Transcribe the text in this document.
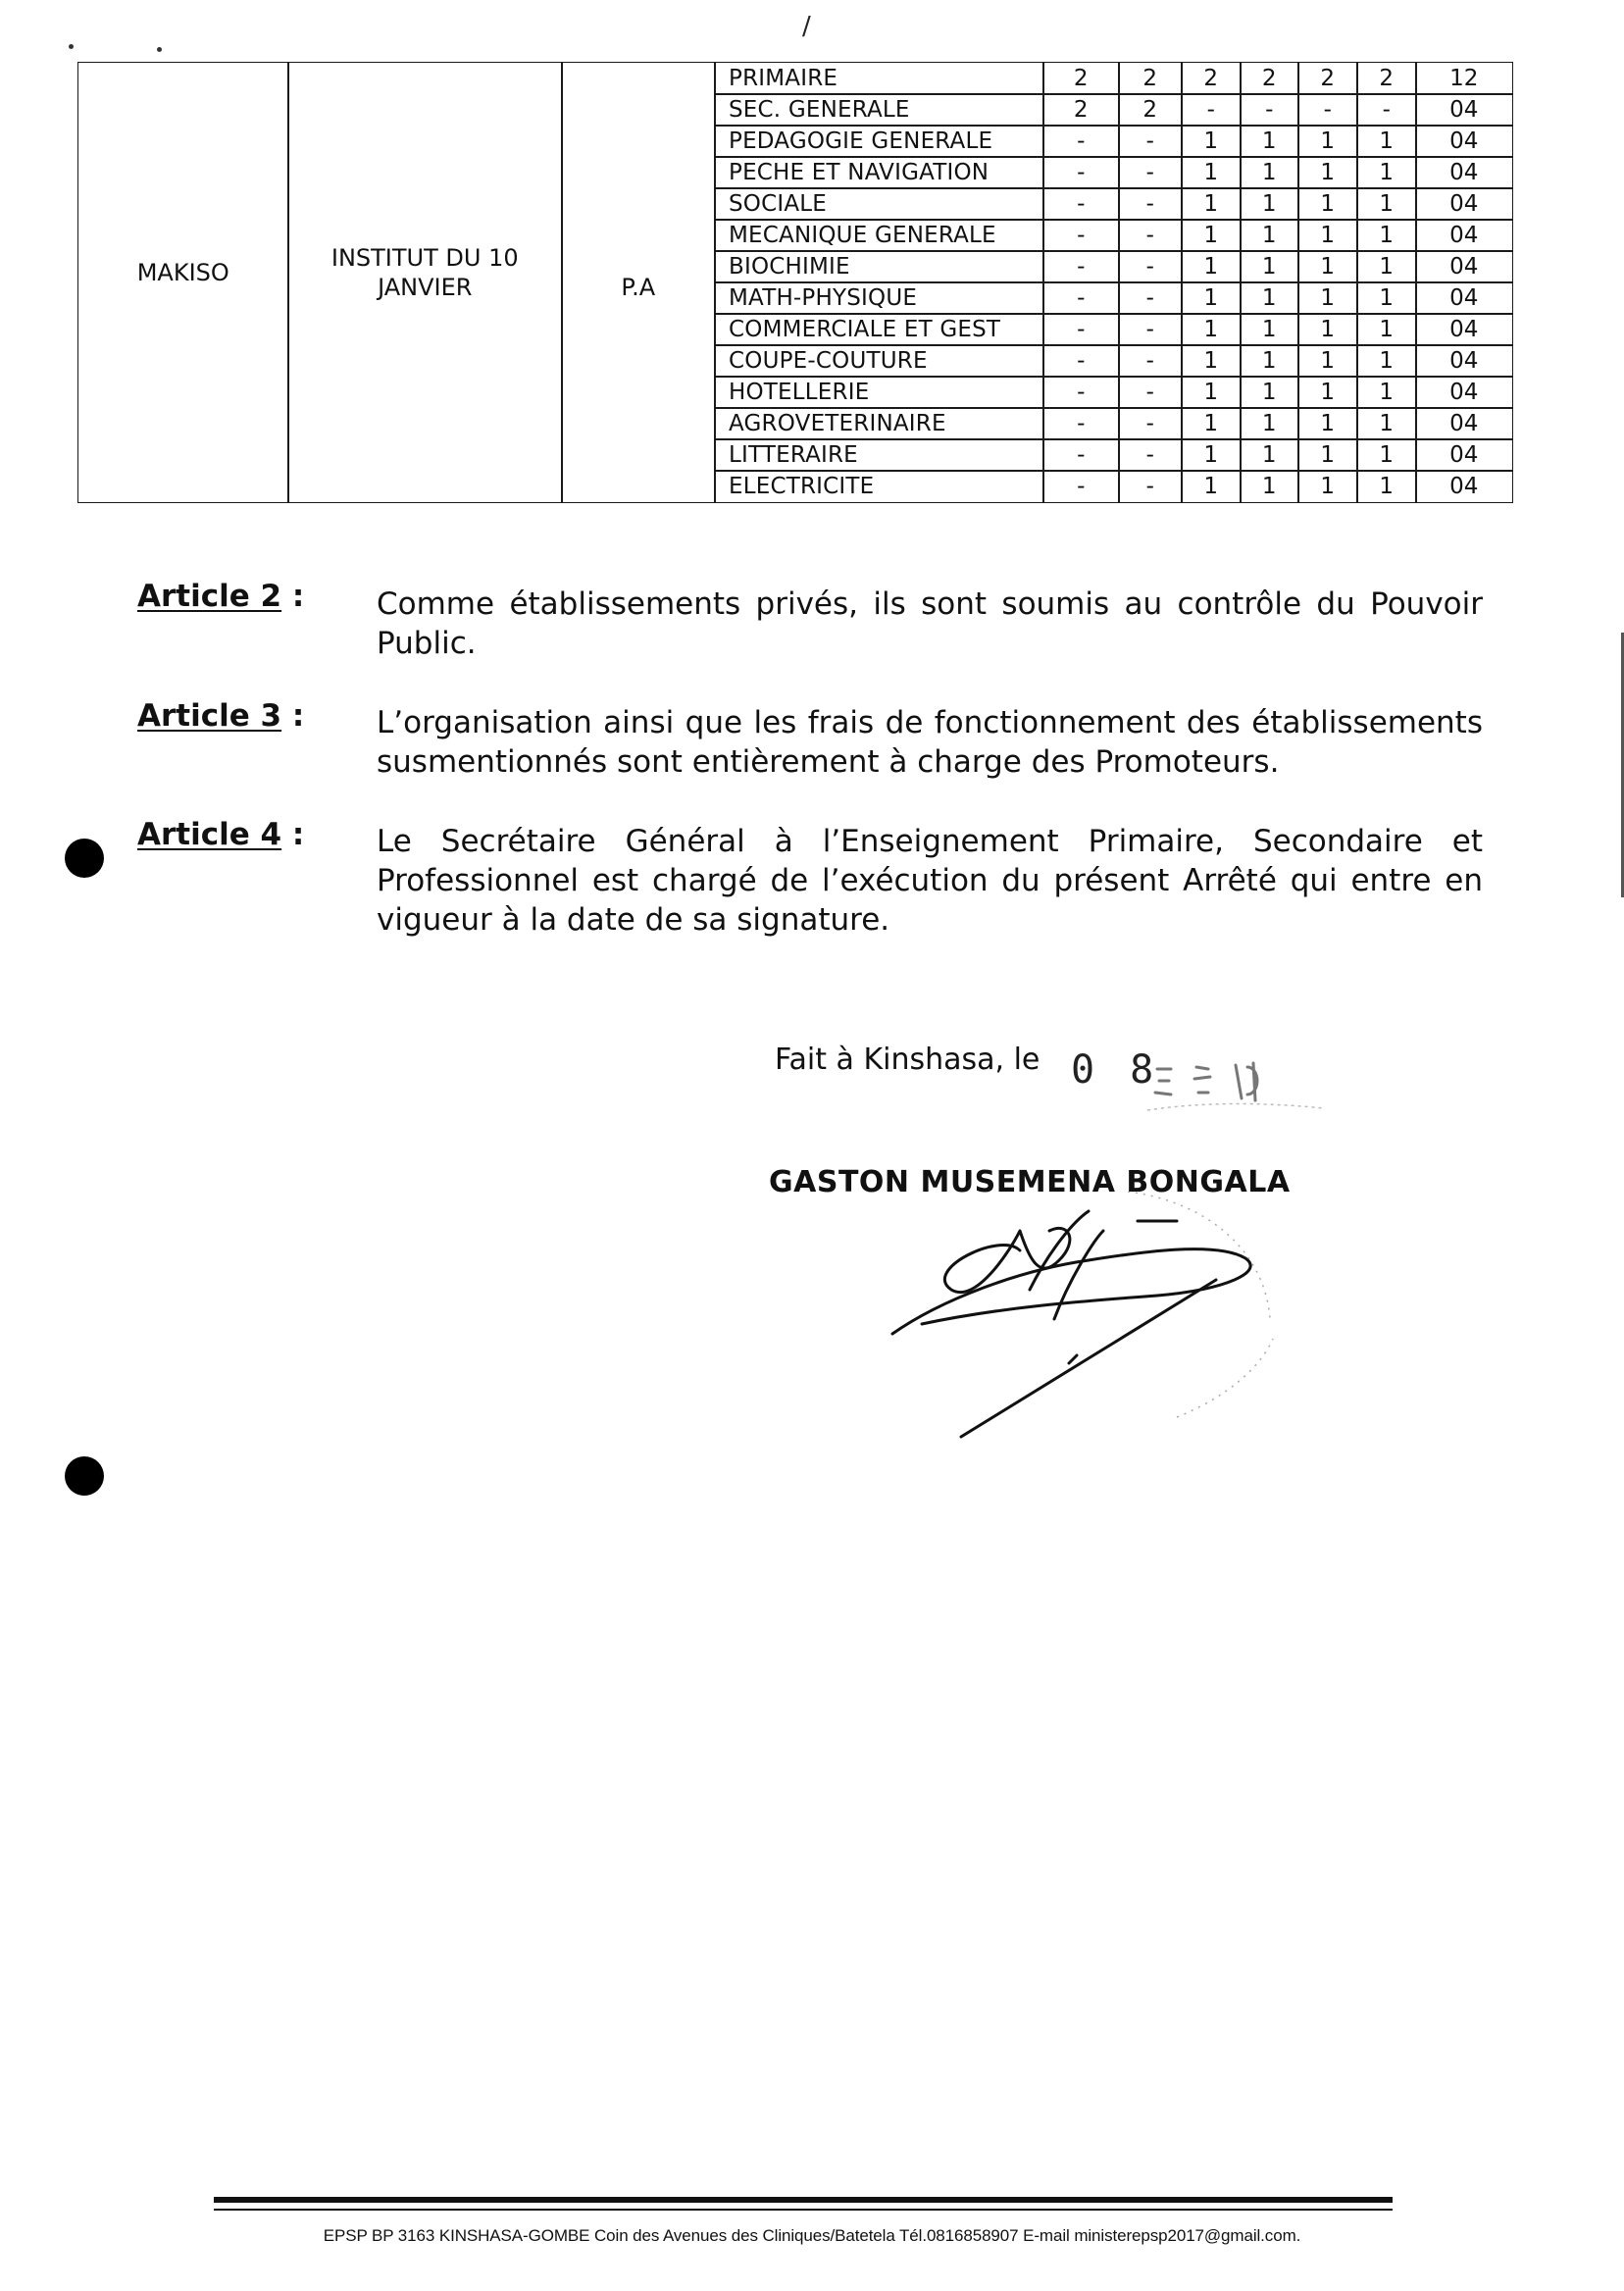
/
MAKISO
INSTITUT DU 10 JANVIER	P.A
PRIMAIRE	2	2	2	2	2	2	12
SEC. GENERALE	2	2	-	-	-	-	04
PEDAGOGIE GENERALE	-	-	1	1	1	1	04
PECHE ET NAVIGATION	-	-	1	1	1	1	04
SOCIALE	-	-	1	1	1	1	04
MECANIQUE GENERALE	-	-	1	1	1	1	04
BIOCHIMIE	-	-	1	1	1	1	04
MATH-PHYSIQUE	-	-	1	1	1	1	04
COMMERCIALE ET GEST	-	-	1	1	1	1	04
COUPE-COUTURE	-	-	1	1	1	1	04
HOTELLERIE	-	-	1	1	1	1	04
AGROVETERINAIRE	-	-	1	1	1	1	04
LITTERAIRE	-	-	1	1	1	1	04
ELECTRICITE	-	-	1	1	1	1	04
Article 2 : Comme établissements privés, ils sont soumis au contrôle du Pouvoir Public.
Article 3 : L’organisation ainsi que les frais de fonctionnement des établissements susmentionnés sont entièrement à charge des Promoteurs.
Article 4 : Le Secrétaire Général à l’Enseignement Primaire, Secondaire et Professionnel est chargé de l’exécution du présent Arrêté qui entre en vigueur à la date de sa signature.
Fait à Kinshasa, le 0 8
GASTON MUSEMENA BONGALA
EPSP BP 3163 KINSHASA-GOMBE Coin des Avenues des Cliniques/Batetela Tél.0816858907 E-mail ministerepsp2017@gmail.com.
